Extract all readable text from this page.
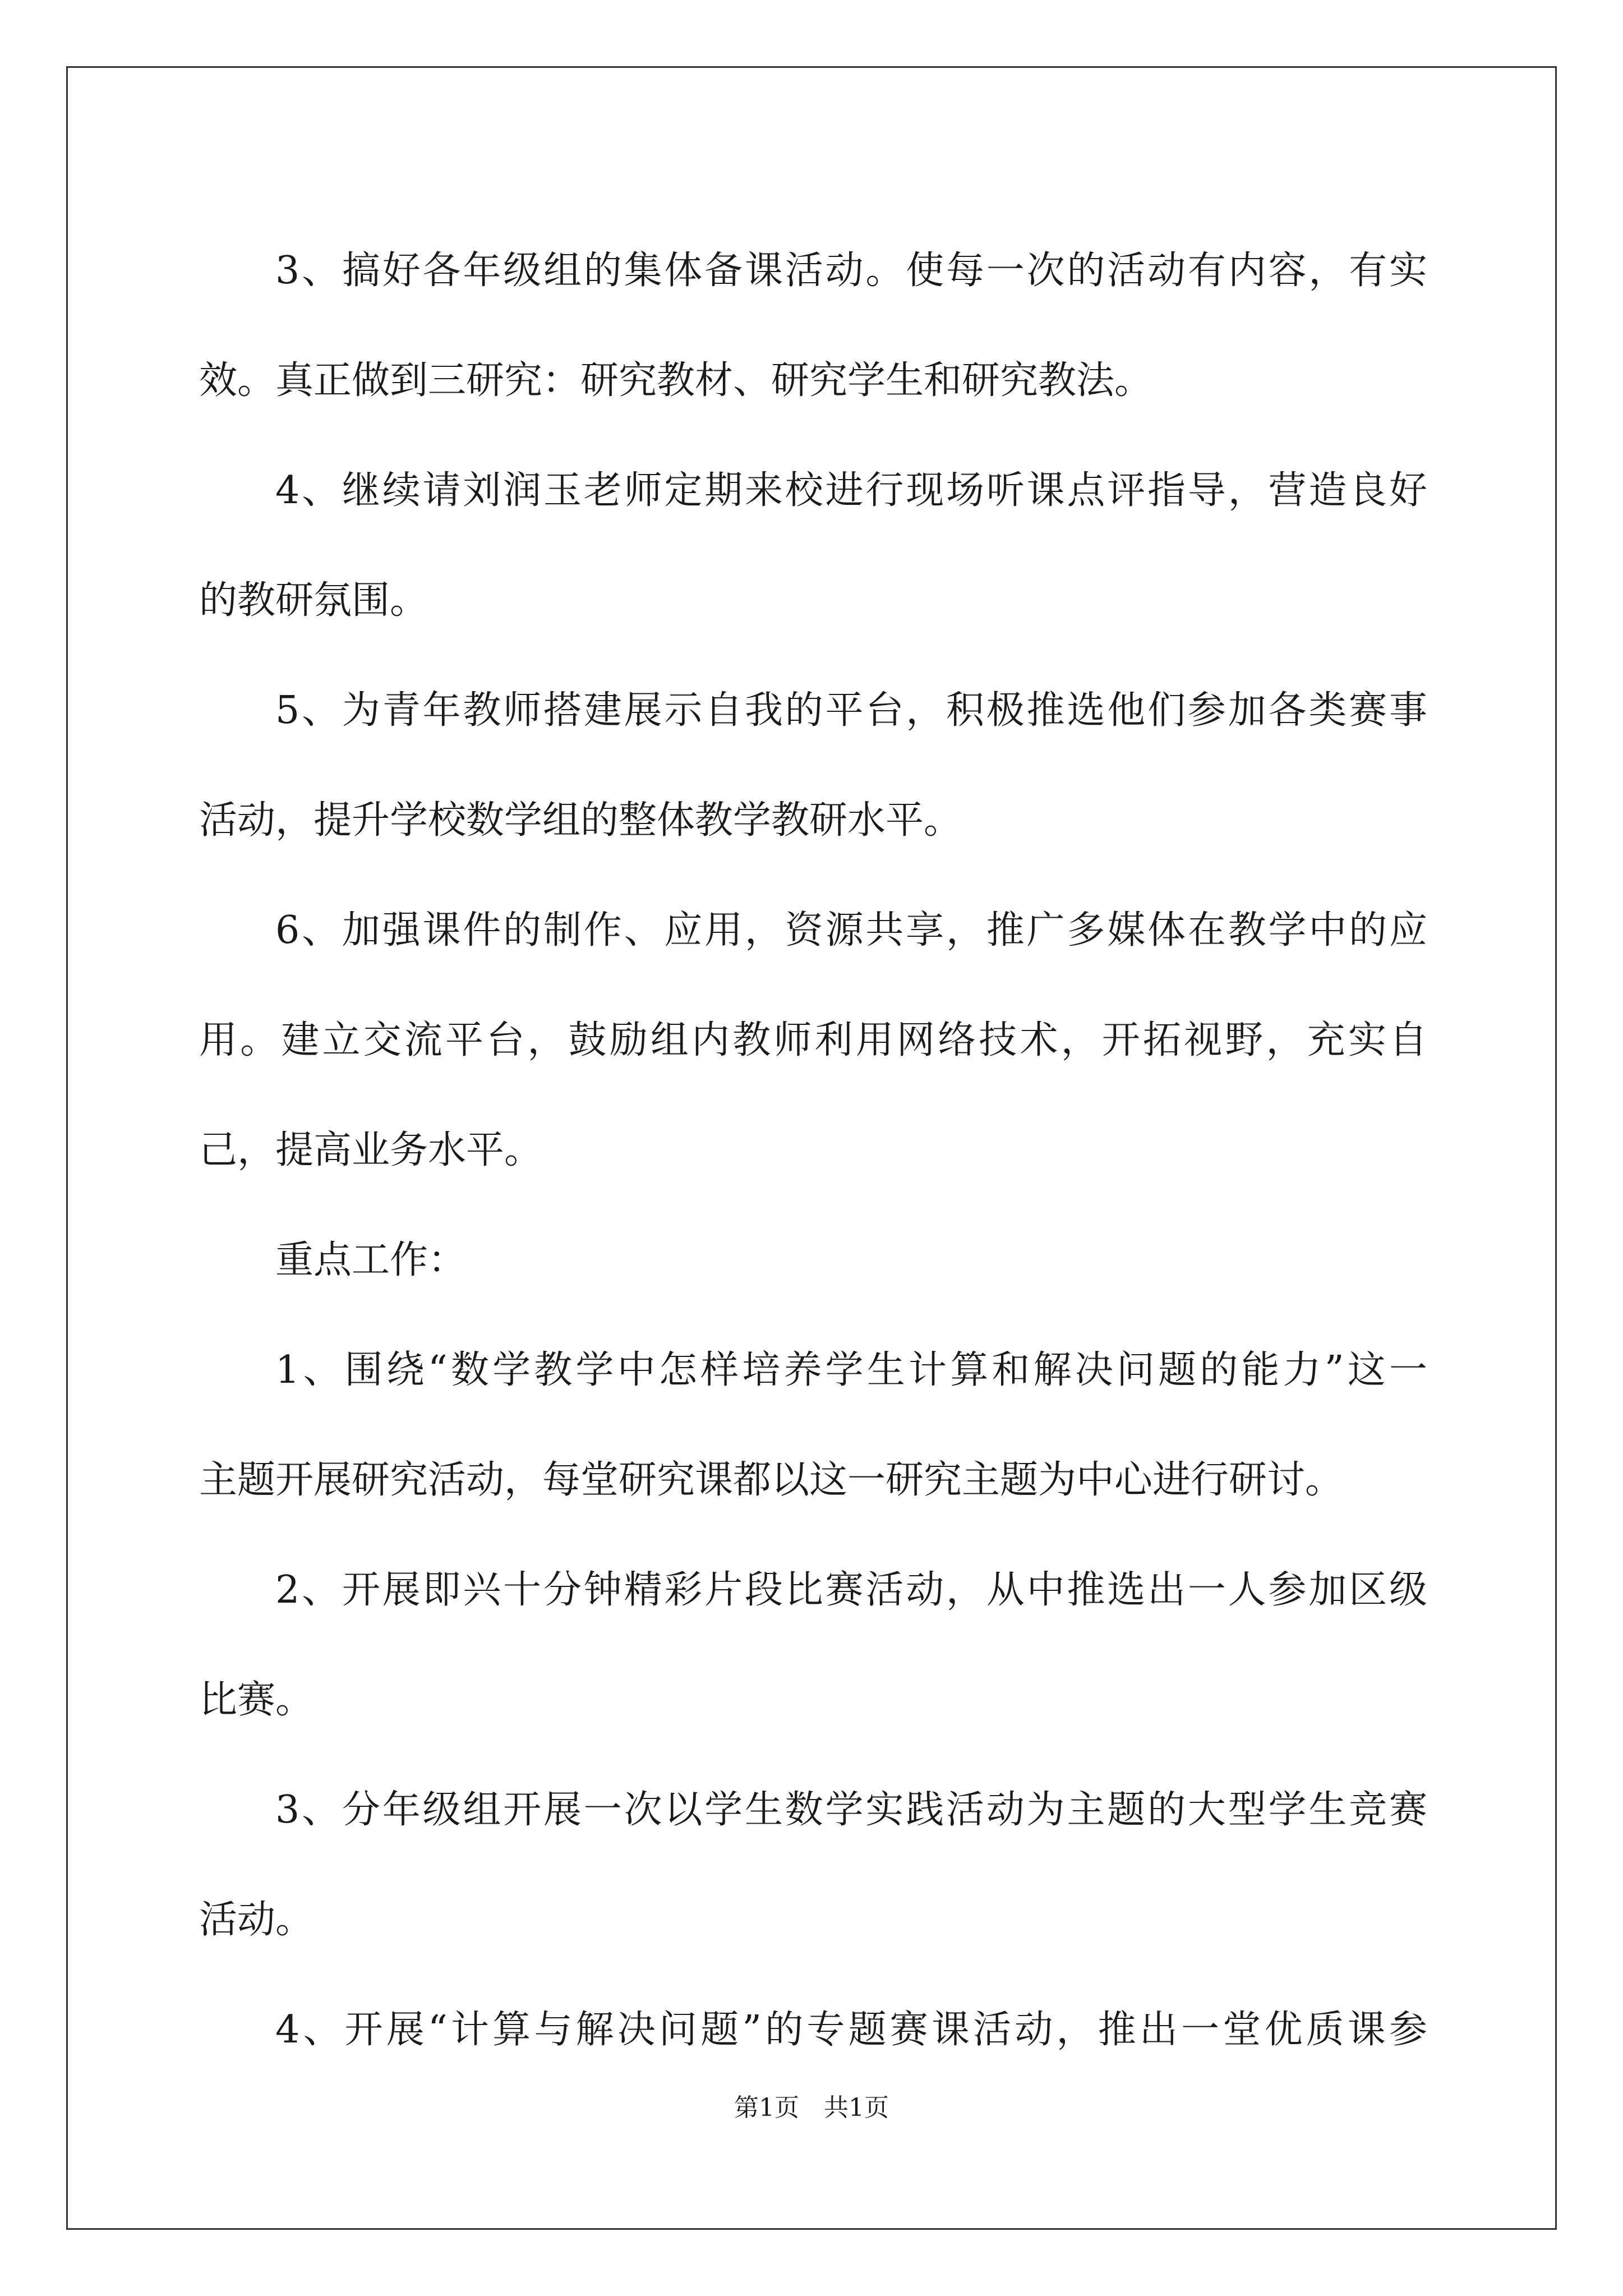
3、搞好各年级组的集体备课活动。使每一次的活动有内容，有实
效。真正做到三研究：研究教材、研究学生和研究教法。
4、继续请刘润玉老师定期来校进行现场听课点评指导，营造良好
的教研氛围。
5、为青年教师搭建展示自我的平台，积极推选他们参加各类赛事
活动，提升学校数学组的整体教学教研水平。
6、加强课件的制作、应用，资源共享，推广多媒体在教学中的应
用。建立交流平台，鼓励组内教师利用网络技术，开拓视野，充实自
己，提高业务水平。
重点工作：
1、围绕“数学教学中怎样培养学生计算和解决问题的能力”这一
主题开展研究活动，每堂研究课都以这一研究主题为中心进行研讨。
2、开展即兴十分钟精彩片段比赛活动，从中推选出一人参加区级
比赛。
3、分年级组开展一次以学生数学实践活动为主题的大型学生竞赛
活动。
4、开展“计算与解决问题”的专题赛课活动，推出一堂优质课参
第1页 共1页
